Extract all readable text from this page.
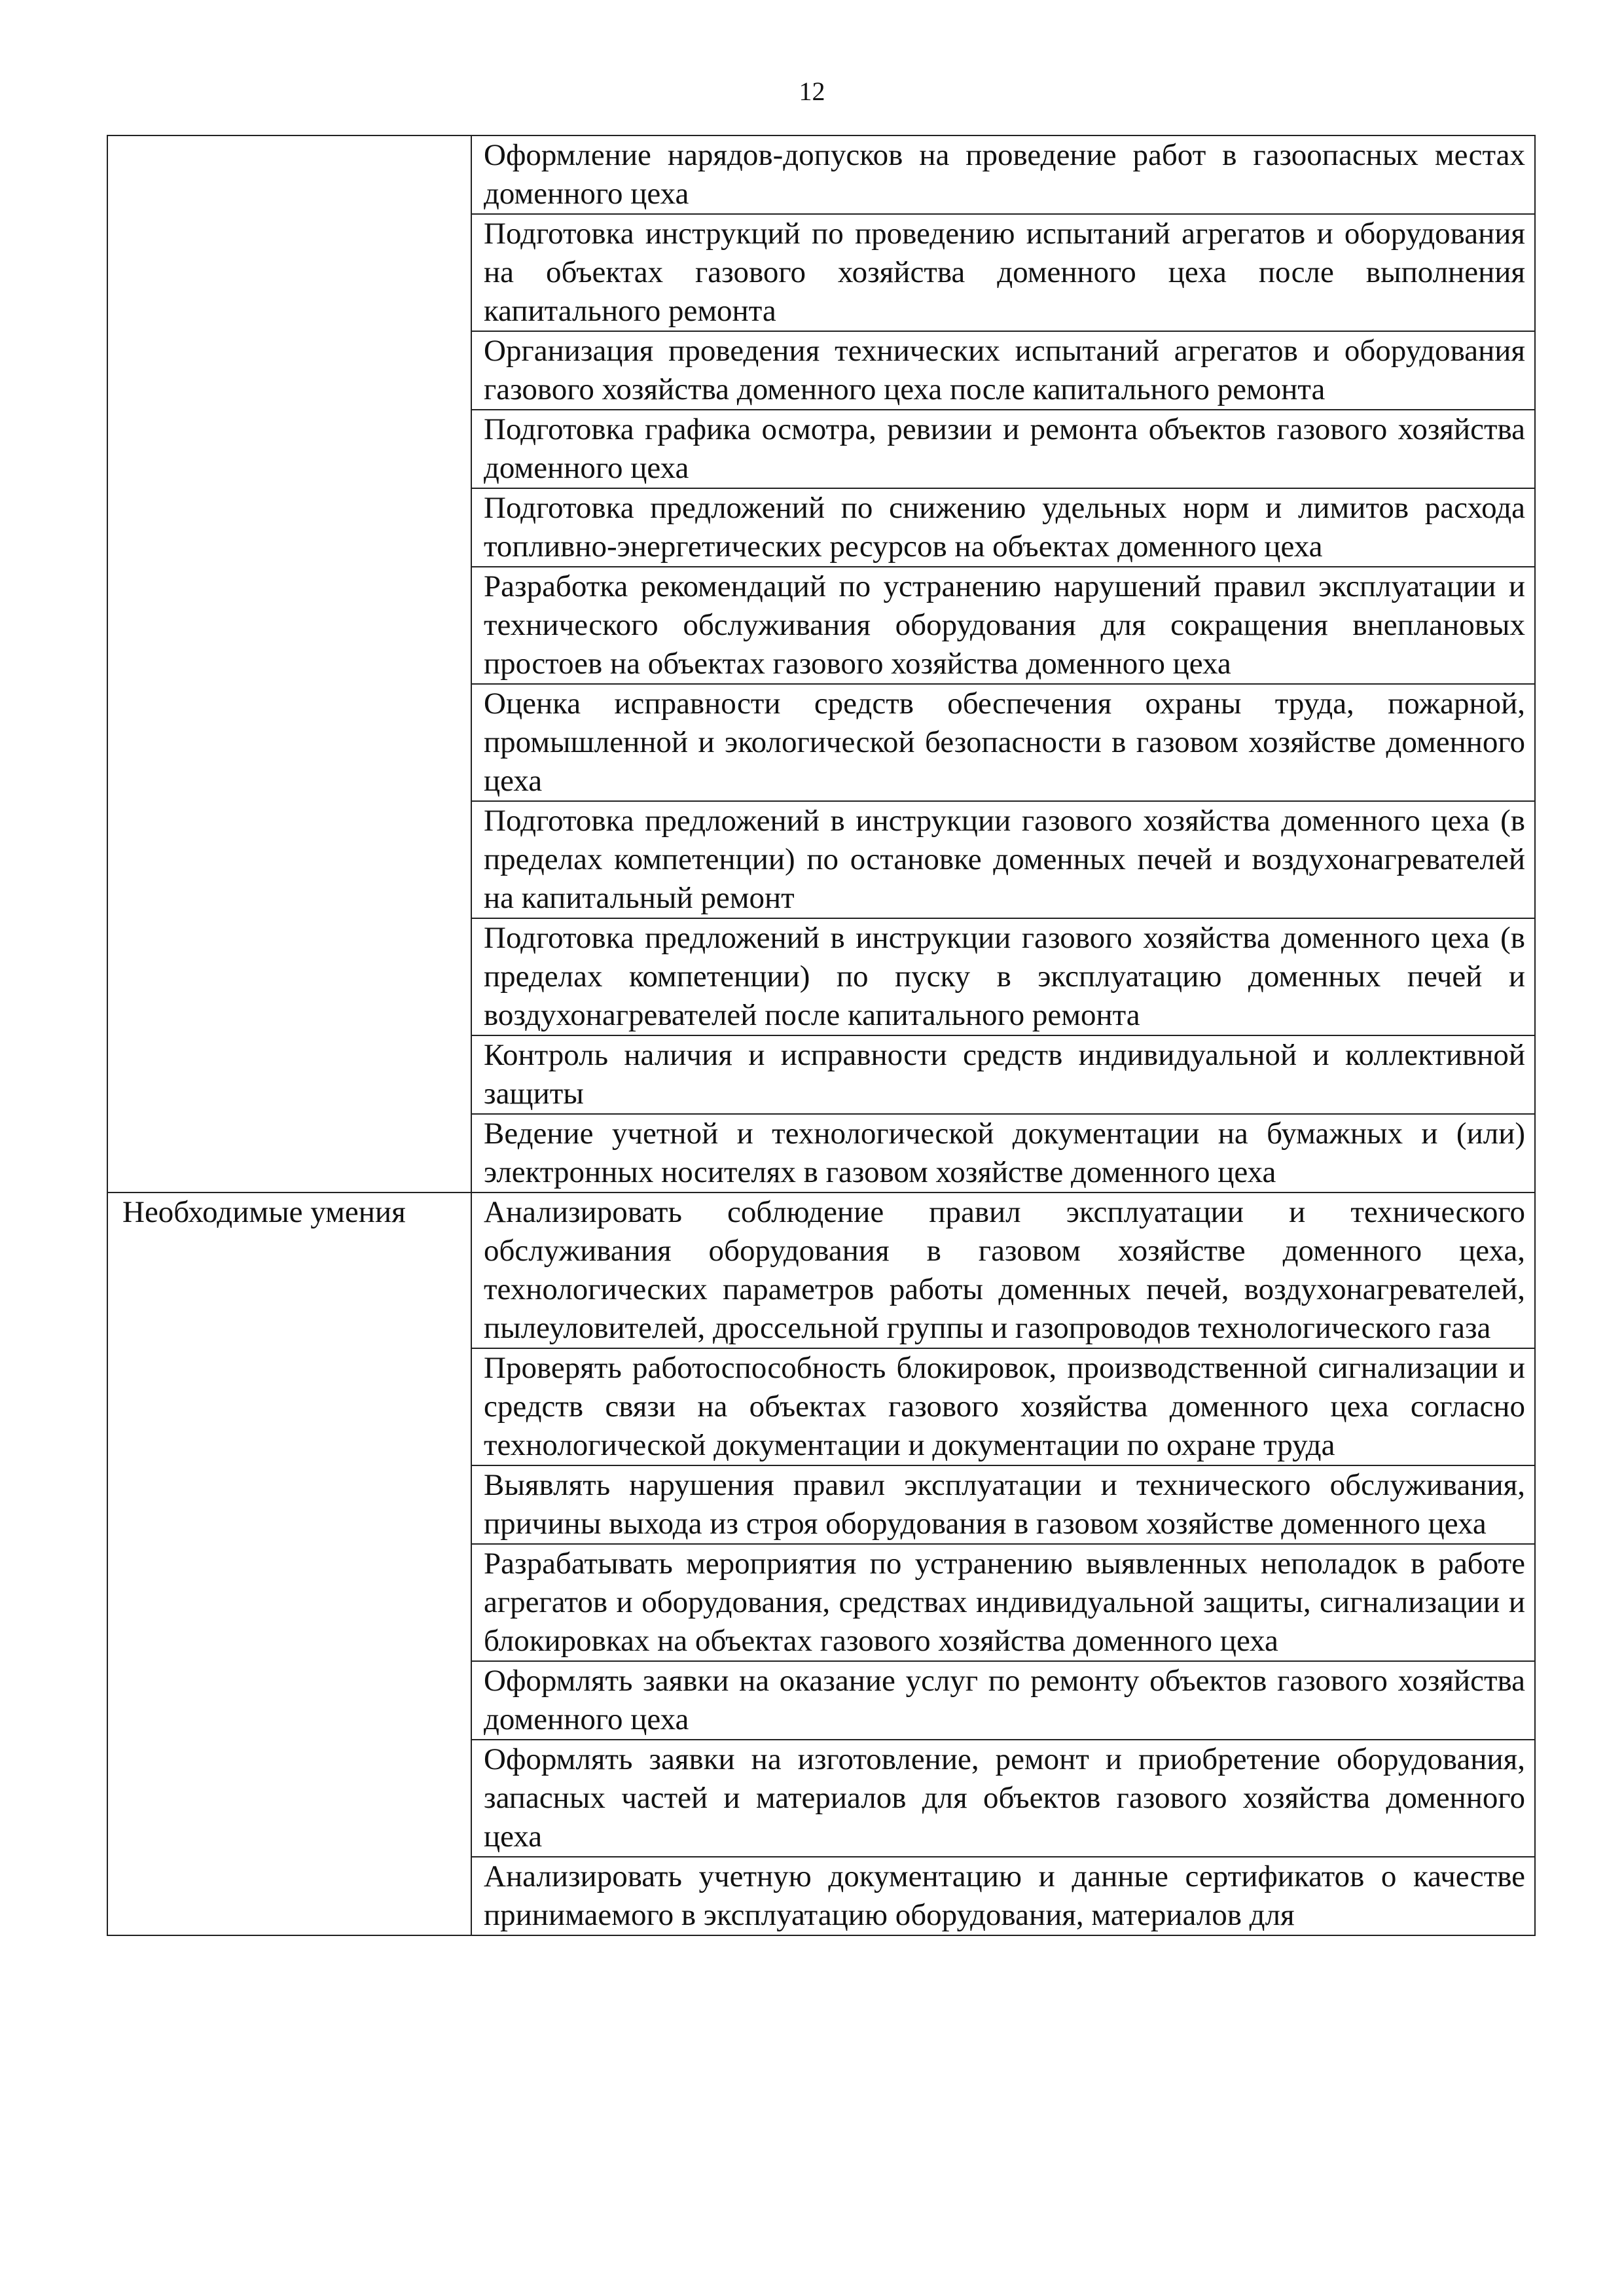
12
	Оформление нарядов-допусков на проведение работ в газоопасных местах доменного цеха
	Подготовка инструкций по проведению испытаний агрегатов и оборудования на объектах газового хозяйства доменного цеха после выполнения капитального ремонта
	Организация проведения технических испытаний агрегатов и оборудования газового хозяйства доменного цеха после капитального ремонта
	Подготовка графика осмотра, ревизии и ремонта объектов газового хозяйства доменного цеха
	Подготовка предложений по снижению удельных норм и лимитов расхода топливно-энергетических ресурсов на объектах доменного цеха
	Разработка рекомендаций по устранению нарушений правил эксплуатации и технического обслуживания оборудования для сокращения внеплановых простоев на объектах газового хозяйства доменного цеха
	Оценка исправности средств обеспечения охраны труда, пожарной, промышленной и экологической безопасности в газовом хозяйстве доменного цеха
	Подготовка предложений в инструкции газового хозяйства доменного цеха (в пределах компетенции) по остановке доменных печей и воздухонагревателей на капитальный ремонт
	Подготовка предложений в инструкции газового хозяйства доменного цеха (в пределах компетенции) по пуску в эксплуатацию доменных печей и воздухонагревателей после капитального ремонта
	Контроль наличия и исправности средств индивидуальной и коллективной защиты
	Ведение учетной и технологической документации на бумажных и (или) электронных носителях в газовом хозяйстве доменного цеха
Необходимые умения	Анализировать соблюдение правил эксплуатации и технического обслуживания оборудования в газовом хозяйстве доменного цеха, технологических параметров работы доменных печей, воздухонагревателей, пылеуловителей, дроссельной группы и газопроводов технологического газа
	Проверять работоспособность блокировок, производственной сигнализации и средств связи на объектах газового хозяйства доменного цеха согласно технологической документации и документации по охране труда
	Выявлять нарушения правил эксплуатации и технического обслуживания, причины выхода из строя оборудования в газовом хозяйстве доменного цеха
	Разрабатывать мероприятия по устранению выявленных неполадок в работе агрегатов и оборудования, средствах индивидуальной защиты, сигнализации и блокировках на объектах газового хозяйства доменного цеха
	Оформлять заявки на оказание услуг по ремонту объектов газового хозяйства доменного цеха
	Оформлять заявки на изготовление, ремонт и приобретение оборудования, запасных частей и материалов для объектов газового хозяйства доменного цеха
	Анализировать учетную документацию и данные сертификатов о качестве принимаемого в эксплуатацию оборудования, материалов для
